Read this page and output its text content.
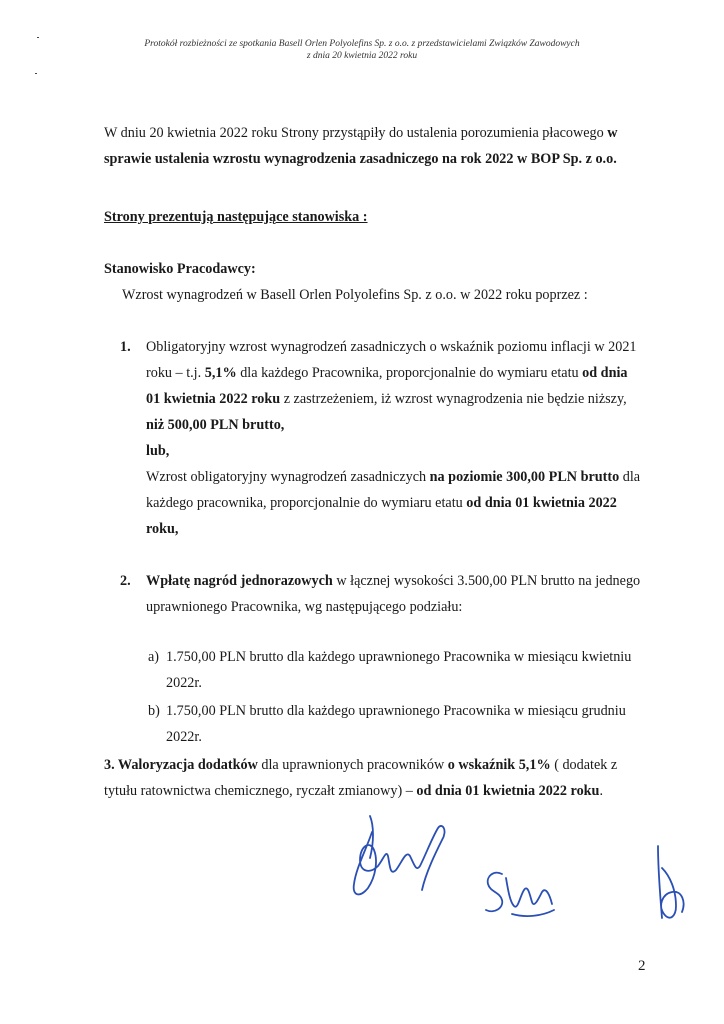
Protokół rozbieżności ze spotkania Basell Orlen Polyolefins Sp. z o.o. z przedstawicielami Związków Zawodowych
z dnia 20 kwietnia 2022 roku

W dniu 20 kwietnia 2022 roku Strony przystąpiły do ustalenia porozumienia płacowego w sprawie ustalenia wzrostu wynagrodzenia zasadniczego na rok 2022 w BOP Sp. z o.o.

Strony prezentują następujące stanowiska :

Stanowisko Pracodawcy:

Wzrost wynagrodzeń w Basell Orlen Polyolefins Sp. z o.o. w 2022 roku poprzez :

1. Obligatoryjny wzrost wynagrodzeń zasadniczych o wskaźnik poziomu inflacji w 2021 roku – t.j. 5,1% dla każdego Pracownika, proporcjonalnie do wymiaru etatu od dnia 01 kwietnia 2022 roku z zastrzeżeniem, iż wzrost wynagrodzenia nie będzie niższy, niż 500,00 PLN brutto,

lub,

Wzrost obligatoryjny wynagrodzeń zasadniczych na poziomie 300,00 PLN brutto dla każdego pracownika, proporcjonalnie do wymiaru etatu od dnia 01 kwietnia 2022 roku,

2. Wpłatę nagród jednorazowych w łącznej wysokości 3.500,00 PLN brutto na jednego uprawnionego Pracownika, wg następującego podziału:

a) 1.750,00 PLN brutto dla każdego uprawnionego Pracownika w miesiącu kwietniu 2022r.

b) 1.750,00 PLN brutto dla każdego uprawnionego Pracownika w miesiącu grudniu 2022r.

3. Waloryzacja dodatków dla uprawnionych pracowników o wskaźnik 5,1% ( dodatek z tytułu ratownictwa chemicznego, ryczałt zmianowy) – od dnia 01 kwietnia 2022 roku.

2
